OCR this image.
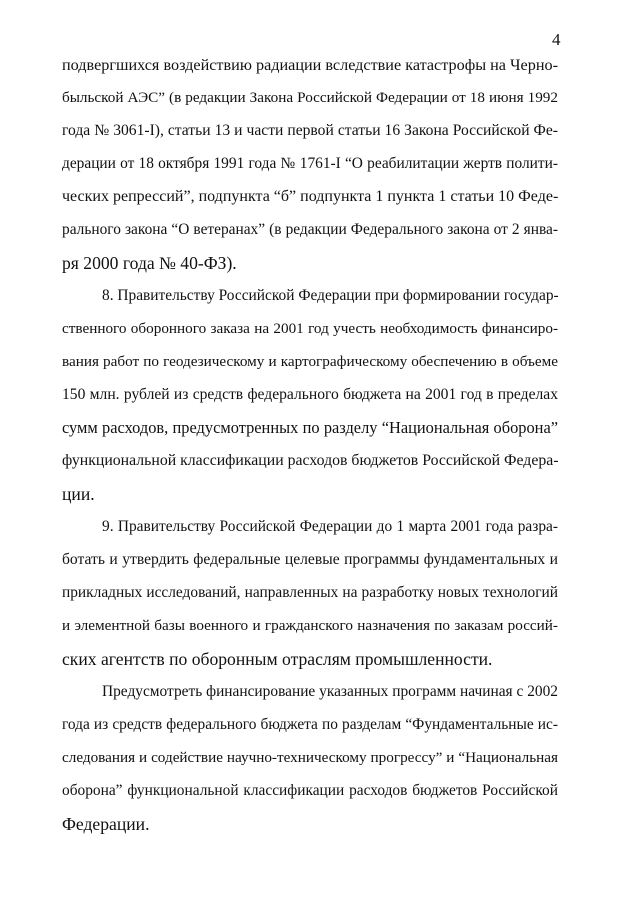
4
подвергшихся воздействию радиации вследствие катастрофы на Черно-
быльской АЭС” (в редакции Закона Российской Федерации от 18 июня 1992
года № 3061-I), статьи 13 и части первой статьи 16 Закона Российской Фе-
дерации от 18 октября 1991 года № 1761-I “О реабилитации жертв полити-
ческих репрессий”, подпункта “б” подпункта 1 пункта 1 статьи 10 Феде-
рального закона “О ветеранах” (в редакции Федерального закона от 2 янва-
ря 2000 года № 40-ФЗ).
8. Правительству Российской Федерации при формировании государ-
ственного оборонного заказа на 2001 год учесть необходимость финансиро-
вания работ по геодезическому и картографическому обеспечению в объеме
150 млн. рублей из средств федерального бюджета на 2001 год в пределах
сумм расходов, предусмотренных по разделу “Национальная оборона”
функциональной классификации расходов бюджетов Российской Федера-
ции.
9. Правительству Российской Федерации до 1 марта 2001 года разра-
ботать и утвердить федеральные целевые программы фундаментальных и
прикладных исследований, направленных на разработку новых технологий
и элементной базы военного и гражданского назначения по заказам россий-
ских агентств по оборонным отраслям промышленности.
Предусмотреть финансирование указанных программ начиная с 2002
года из средств федерального бюджета по разделам “Фундаментальные ис-
следования и содействие научно-техническому прогрессу” и “Национальная
оборона” функциональной классификации расходов бюджетов Российской
Федерации.
